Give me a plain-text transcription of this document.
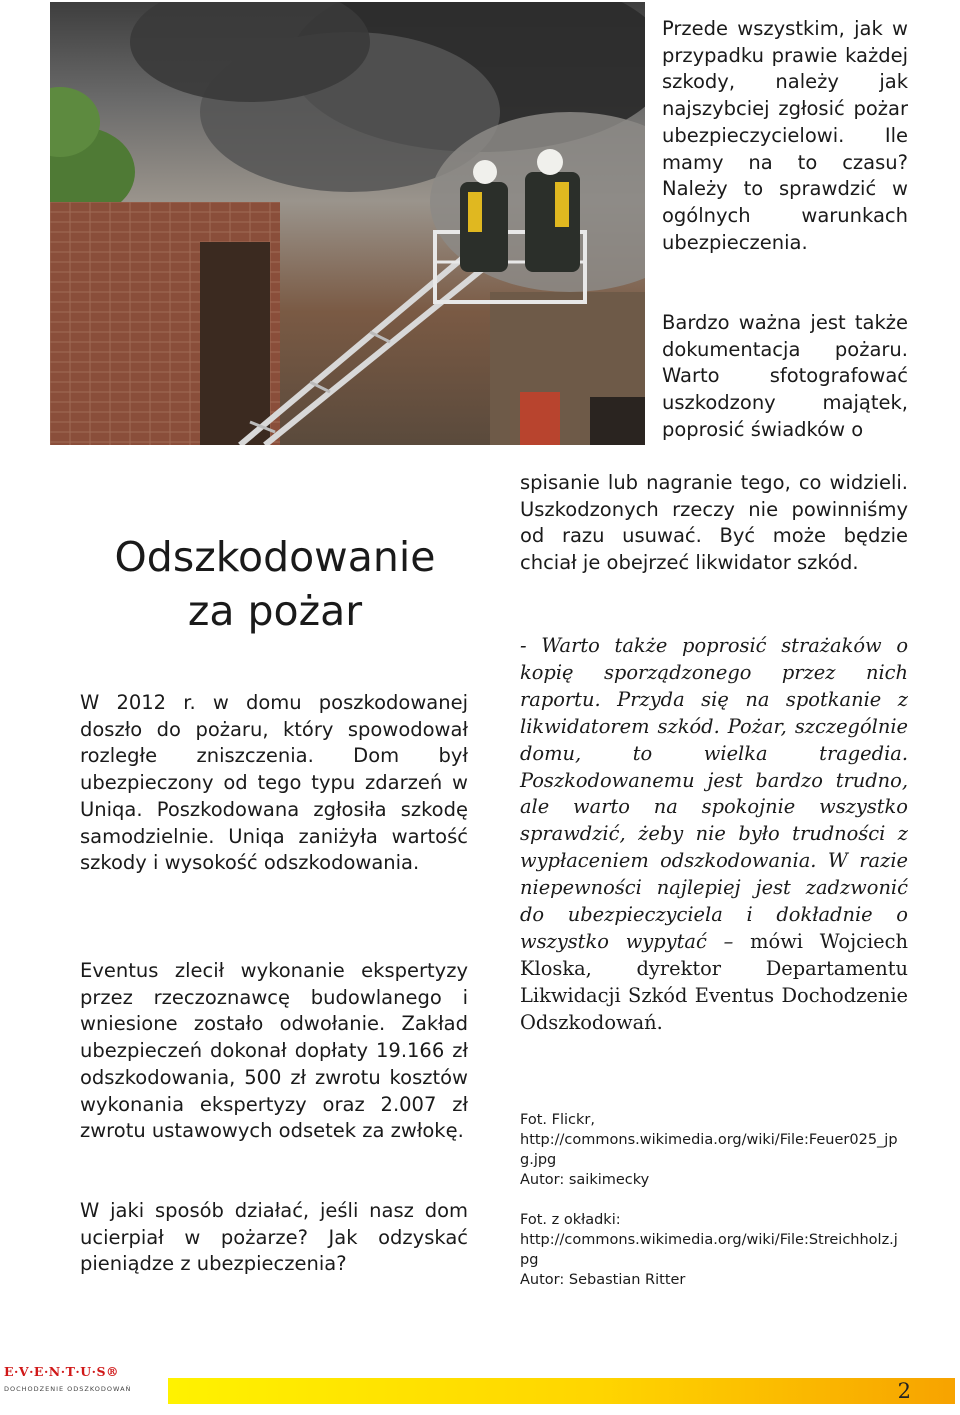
Odszkodowanie
za pożar

W 2012 r. w domu poszkodowanej doszło do pożaru, który spowodował rozległe zniszczenia. Dom był ubezpieczony od tego typu zdarzeń w Uniqa. Poszkodowana zgłosiła szkodę samodzielnie. Uniqa zaniżyła wartość szkody i wysokość odszkodowania.

Eventus zlecił wykonanie ekspertyzy przez rzeczoznawcę budowlanego i wniesione zostało odwołanie. Zakład ubezpieczeń dokonał dopłaty 19.166 zł odszkodowania, 500 zł zwrotu kosztów wykonania ekspertyzy oraz 2.007 zł zwrotu ustawowych odsetek za zwłokę.

W jaki sposób działać, jeśli nasz dom ucierpiał w pożarze? Jak odzyskać pieniądze z ubezpieczenia?

Przede wszystkim, jak w przypadku prawie każdej szkody, należy jak najszybciej zgłosić pożar ubezpieczycielowi. Ile mamy na to czasu? Należy to sprawdzić w ogólnych warunkach ubezpieczenia.

Bardzo ważna jest także dokumentacja pożaru. Warto sfotografować uszkodzony majątek, poprosić świadków o

spisanie lub nagranie tego, co widzieli. Uszkodzonych rzeczy nie powinniśmy od razu usuwać. Być może będzie chciał je obejrzeć likwidator szkód.

- Warto także poprosić strażaków o kopię sporządzonego przez nich raportu. Przyda się na spotkanie z likwidatorem szkód. Pożar, szczególnie domu, to wielka tragedia. Poszkodowanemu jest bardzo trudno, ale warto na spokojnie wszystko sprawdzić, żeby nie było trudności z wypłaceniem odszkodowania. W razie niepewności najlepiej jest zadzwonić do ubezpieczyciela i dokładnie o wszystko wypytać – mówi Wojciech Kloska, dyrektor Departamentu Likwidacji Szkód Eventus Dochodzenie Odszkodowań.

Fot. Flickr,
http://commons.wikimedia.org/wiki/File:Feuer025_jpg.jpg
Autor: saikimecky
Fot. z okładki:
http://commons.wikimedia.org/wiki/File:Streichholz.jpg
Autor: Sebastian Ritter
E·V·E·N·T·U·S®
DOCHODZENIE ODSZKODOWAŃ	2
